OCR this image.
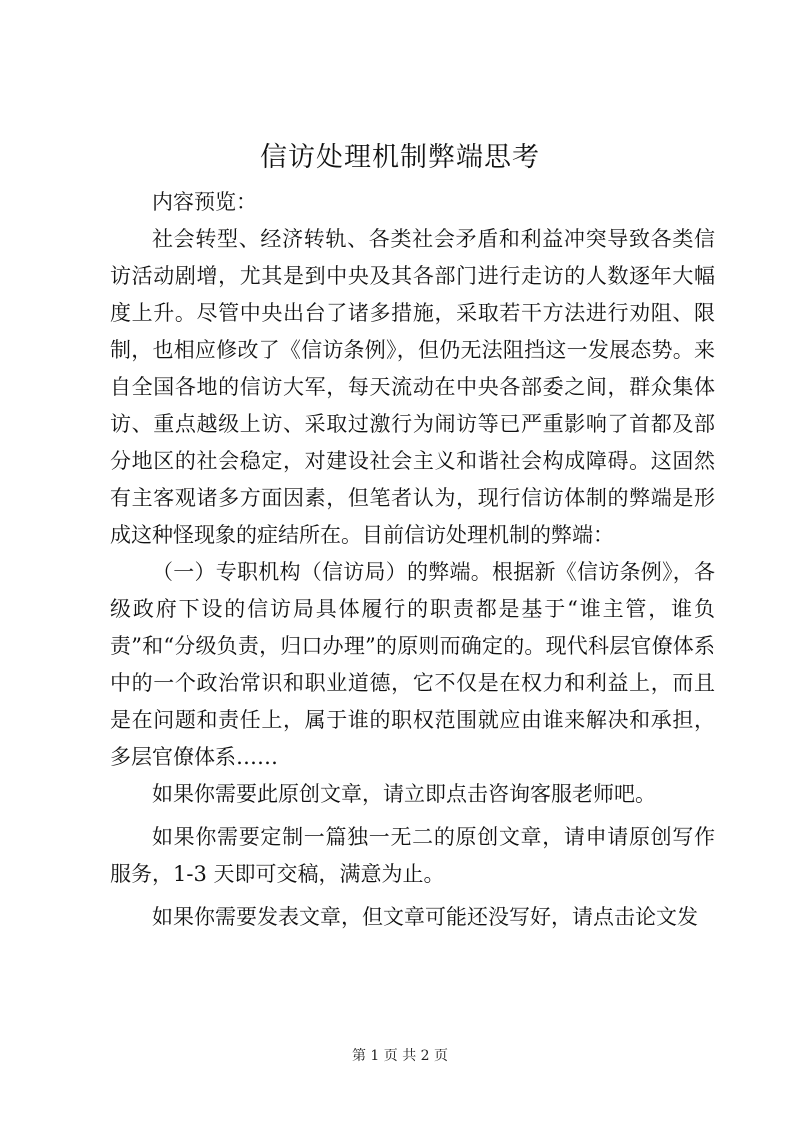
信访处理机制弊端思考

内容预览：

社会转型、经济转轨、各类社会矛盾和利益冲突导致各类信访活动剧增，尤其是到中央及其各部门进行走访的人数逐年大幅度上升。尽管中央出台了诸多措施，采取若干方法进行劝阻、限制，也相应修改了《信访条例》，但仍无法阻挡这一发展态势。来自全国各地的信访大军，每天流动在中央各部委之间，群众集体访、重点越级上访、采取过激行为闹访等已严重影响了首都及部分地区的社会稳定，对建设社会主义和谐社会构成障碍。这固然有主客观诸多方面因素，但笔者认为，现行信访体制的弊端是形成这种怪现象的症结所在。目前信访处理机制的弊端：

（一）专职机构（信访局）的弊端。根据新《信访条例》，各级政府下设的信访局具体履行的职责都是基于“谁主管，谁负责”和“分级负责，归口办理”的原则而确定的。现代科层官僚体系中的一个政治常识和职业道德，它不仅是在权力和利益上，而且是在问题和责任上，属于谁的职权范围就应由谁来解决和承担，多层官僚体系……

如果你需要此原创文章，请立即点击咨询客服老师吧。

如果你需要定制一篇独一无二的原创文章，请申请原创写作服务，1-3 天即可交稿，满意为止。

如果你需要发表文章，但文章可能还没写好，请点击论文发

第 1 页 共 2 页
